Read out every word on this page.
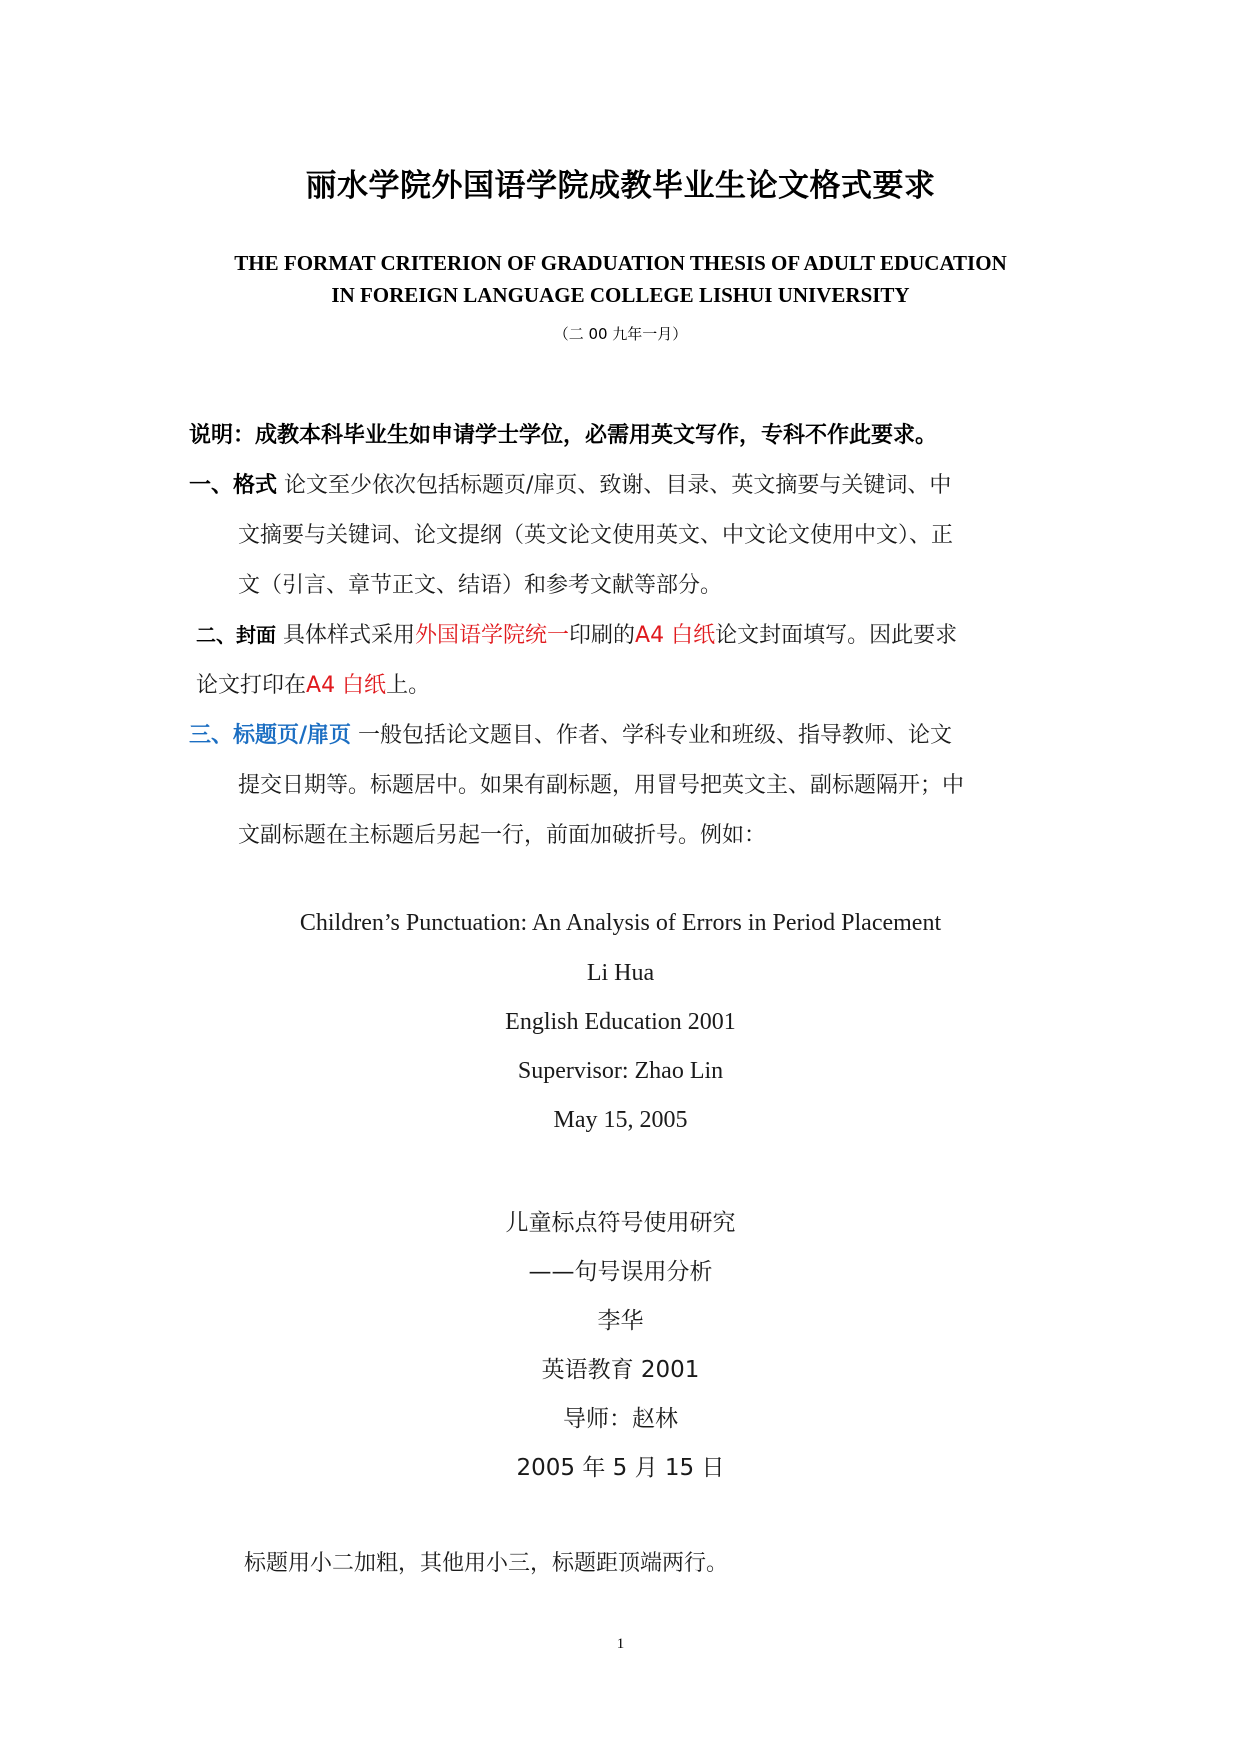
丽水学院外国语学院成教毕业生论文格式要求
THE FORMAT CRITERION OF GRADUATION THESIS OF ADULT EDUCATION
IN FOREIGN LANGUAGE COLLEGE LISHUI UNIVERSITY
（二 00 九年一月）
说明：成教本科毕业生如申请学士学位，必需用英文写作，专科不作此要求。
一、格式 论文至少依次包括标题页/扉页、致谢、目录、英文摘要与关键词、中
文摘要与关键词、论文提纲（英文论文使用英文、中文论文使用中文）、正
文（引言、章节正文、结语）和参考文献等部分。
二、封面 具体样式采用外国语学院统一印刷的A4 白纸论文封面填写。因此要求
论文打印在A4 白纸上。
三、标题页/扉页 一般包括论文题目、作者、学科专业和班级、指导教师、论文
提交日期等。标题居中。如果有副标题，用冒号把英文主、副标题隔开；中
文副标题在主标题后另起一行，前面加破折号。例如：
Children’s Punctuation: An Analysis of Errors in Period Placement
Li Hua
English Education 2001
Supervisor: Zhao Lin
May 15, 2005
儿童标点符号使用研究
——句号误用分析
李华
英语教育 2001
导师：赵林
2005 年 5 月 15 日
标题用小二加粗，其他用小三，标题距顶端两行。
1
